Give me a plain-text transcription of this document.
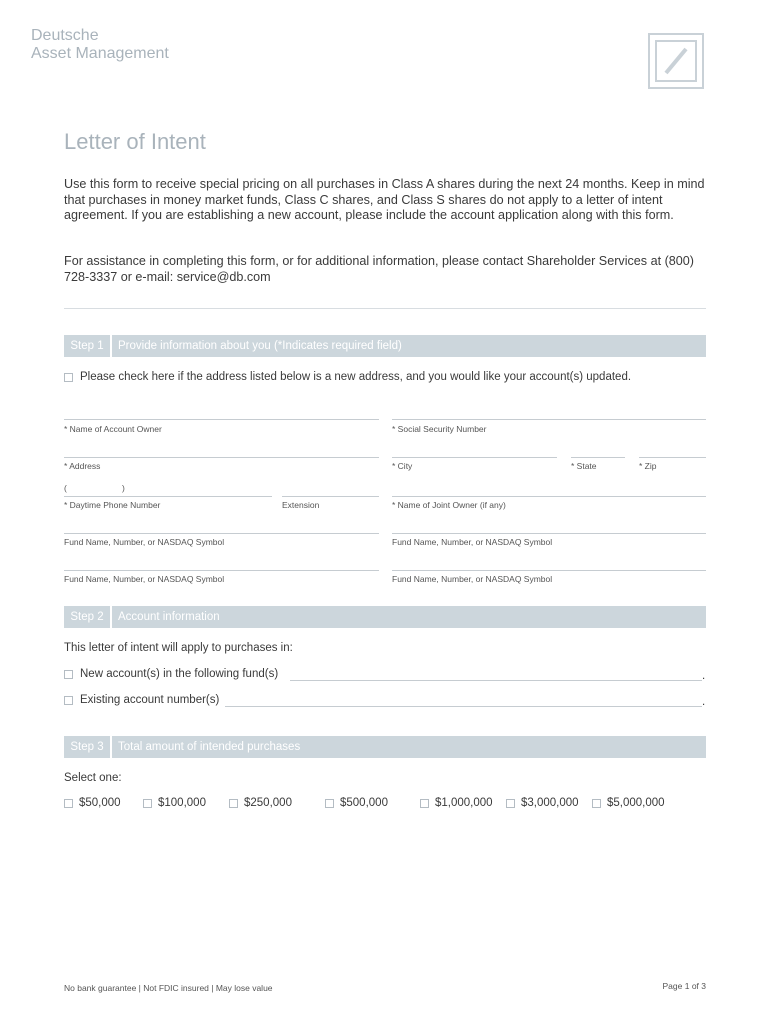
Deutsche
Asset Management
Letter of Intent
Use this form to receive special pricing on all purchases in Class A shares during the next 24 months. Keep in mind that purchases in money market funds, Class C shares, and Class S shares do not apply to a letter of intent agreement. If you are establishing a new account, please include the account application along with this form.
For assistance in completing this form, or for additional information, please contact Shareholder Services at (800) 728-3337 or e-mail: service@db.com
Step 1	Provide information about you (*Indicates required field)
Please check here if the address listed below is a new address, and you would like your account(s) updated.
* Name of Account Owner	* Social Security Number
* Address	* City	* State	* Zip
(	)
* Daytime Phone Number	Extension	* Name of Joint Owner (if any)
Fund Name, Number, or NASDAQ Symbol	Fund Name, Number, or NASDAQ Symbol
Fund Name, Number, or NASDAQ Symbol	Fund Name, Number, or NASDAQ Symbol
Step 2	Account information
This letter of intent will apply to purchases in:
New account(s) in the following fund(s)	.
Existing account number(s)	.
Step 3	Total amount of intended purchases
Select one:
$50,000	$100,000	$250,000	$500,000	$1,000,000 $3,000,000 $5,000,000
No bank guarantee | Not FDIC insured | May lose value	Page 1 of 3
